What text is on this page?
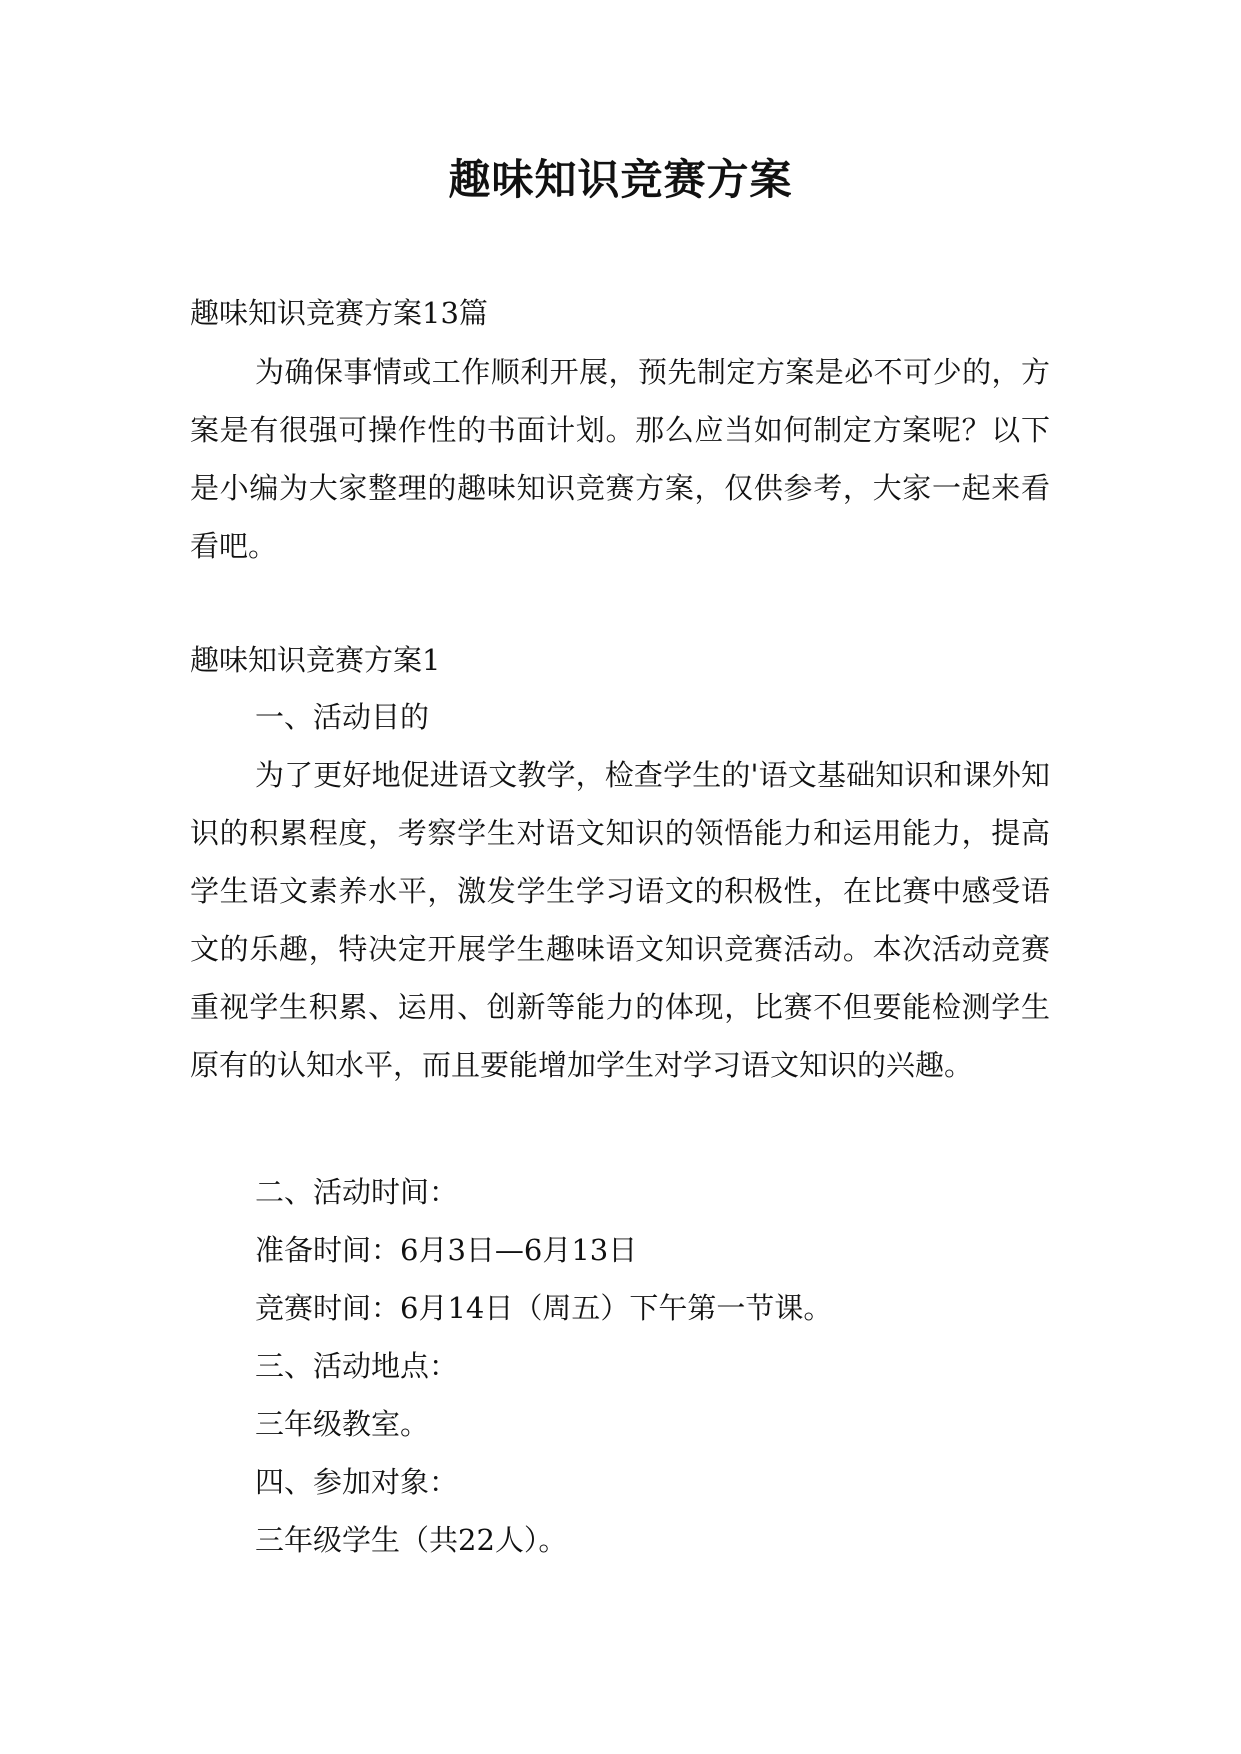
趣味知识竞赛方案

趣味知识竞赛方案13篇

为确保事情或工作顺利开展，预先制定方案是必不可少的，方案是有很强可操作性的书面计划。那么应当如何制定方案呢？以下是小编为大家整理的趣味知识竞赛方案，仅供参考，大家一起来看看吧。

趣味知识竞赛方案1

一、活动目的

为了更好地促进语文教学，检查学生的'语文基础知识和课外知识的积累程度，考察学生对语文知识的领悟能力和运用能力，提高学生语文素养水平，激发学生学习语文的积极性，在比赛中感受语文的乐趣，特决定开展学生趣味语文知识竞赛活动。本次活动竞赛重视学生积累、运用、创新等能力的体现，比赛不但要能检测学生原有的认知水平，而且要能增加学生对学习语文知识的兴趣。

二、活动时间：

准备时间：6月3日—6月13日

竞赛时间：6月14日（周五）下午第一节课。

三、活动地点：

三年级教室。

四、参加对象：

三年级学生（共22人）。
